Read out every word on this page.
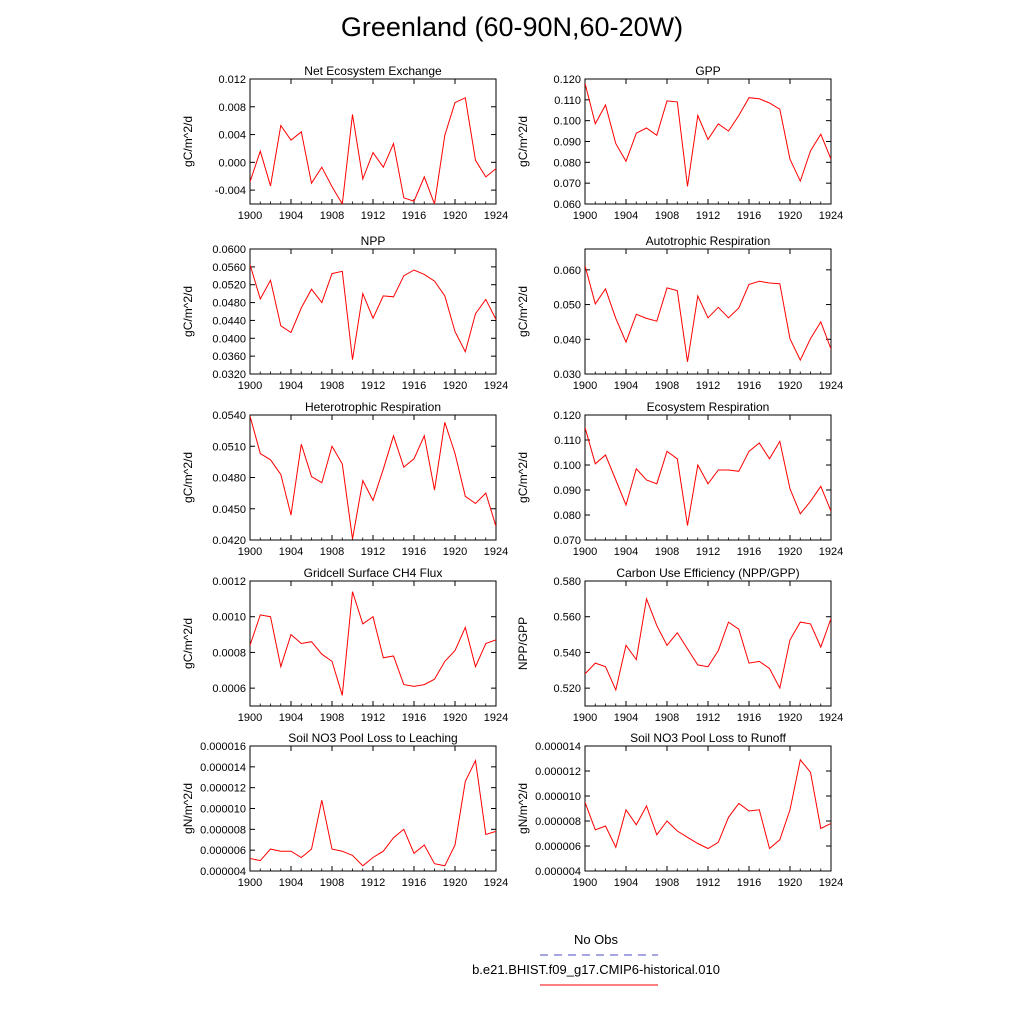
Greenland (60-90N,60-20W)
Net Ecosystem Exchange
gC/m^2/d
1900 1904 1908 1912 1916 1920 1924
-0.004
0.000
0.004
0.008
0.012
GPP
gC/m^2/d
1900 1904 1908 1912 1916 1920 1924
0.060
0.070
0.080
0.090
0.100
0.110
0.120
NPP
gC/m^2/d
1900 1904 1908 1912 1916 1920 1924
0.0320
0.0360
0.0400
0.0440
0.0480
0.0520
0.0560
0.0600
Autotrophic Respiration
gC/m^2/d
1900 1904 1908 1912 1916 1920 1924
0.030
0.040
0.050
0.060
Heterotrophic Respiration
gC/m^2/d
1900 1904 1908 1912 1916 1920 1924
0.0420
0.0450
0.0480
0.0510
0.0540
Ecosystem Respiration
gC/m^2/d
1900 1904 1908 1912 1916 1920 1924
0.070
0.080
0.090
0.100
0.110
0.120
Gridcell Surface CH4 Flux
gC/m^2/d
1900 1904 1908 1912 1916 1920 1924
0.0006
0.0008
0.0010
0.0012
Carbon Use Efficiency (NPP/GPP)
NPP/GPP
1900 1904 1908 1912 1916 1920 1924
0.520
0.540
0.560
0.580
Soil NO3 Pool Loss to Leaching
gN/m^2/d
1900 1904 1908 1912 1916 1920 1924
0.000004
0.000006
0.000008
0.000010
0.000012
0.000014
0.000016
Soil NO3 Pool Loss to Runoff
gN/m^2/d
1900 1904 1908 1912 1916 1920 1924
0.000004
0.000006
0.000008
0.000010
0.000012
0.000014
No Obs
b.e21.BHIST.f09_g17.CMIP6-historical.010
